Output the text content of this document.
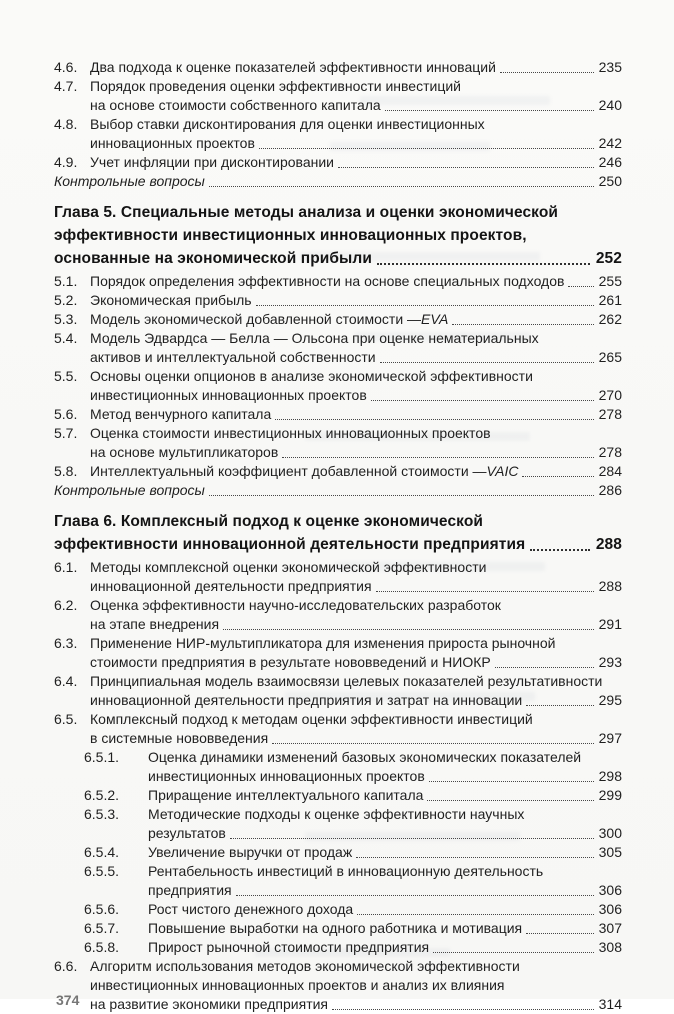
4.6. Два подхода к оценке показателей эффективности инноваций	235
4.7. Порядок проведения оценки эффективности инвестиций
на основе стоимости собственного капитала	240
4.8. Выбор ставки дисконтирования для оценки инвестиционных
инновационных проектов	242
4.9. Учет инфляции при дисконтировании	246
Контрольные вопросы	250
Глава 5. Специальные методы анализа и оценки экономической
эффективности инвестиционных инновационных проектов,
основанные на экономической прибыли	252
5.1. Порядок определения эффективности на основе специальных подходов 255
5.2. Экономическая прибыль	261
5.3. Модель экономической добавленной стоимости — EVA	262
5.4. Модель Эдвардса — Белла — Ольсона при оценке нематериальных
активов и интеллектуальной собственности	265
5.5. Основы оценки опционов в анализе экономической эффективности
инвестиционных инновационных проектов	270
5.6. Метод венчурного капитала	278
5.7. Оценка стоимости инвестиционных инновационных проектов
на основе мультипликаторов	278
5.8. Интеллектуальный коэффициент добавленной стоимости — VAIC	284
Контрольные вопросы	286
Глава 6. Комплексный подход к оценке экономической
эффективности инновационной деятельности предприятия	288
6.1. Методы комплексной оценки экономической эффективности
инновационной деятельности предприятия	288
6.2. Оценка эффективности научно-исследовательских разработок
на этапе внедрения	291
6.3. Применение НИР-мультипликатора для изменения прироста рыночной
стоимости предприятия в результате нововведений и НИОКР	293
6.4. Принципиальная модель взаимосвязи целевых показателей результативности
инновационной деятельности предприятия и затрат на инновации	295
6.5. Комплексный подход к методам оценки эффективности инвестиций
в системные нововведения	297
6.5.1.	Оценка динамики изменений базовых экономических показателей
инвестиционных инновационных проектов	298
6.5.2.	Приращение интеллектуального капитала	299
6.5.3.	Методические подходы к оценке эффективности научных
результатов	300
6.5.4.	Увеличение выручки от продаж	305
6.5.5.	Рентабельность инвестиций в инновационную деятельность
предприятия	306
6.5.6.	Рост чистого денежного дохода	306
6.5.7.	Повышение выработки на одного работника и мотивация	307
6.5.8.	Прирост рыночной стоимости предприятия	308
6.6. Алгоритм использования методов экономической эффективности
инвестиционных инновационных проектов и анализ их влияния
на развитие экономики предприятия	314
374
